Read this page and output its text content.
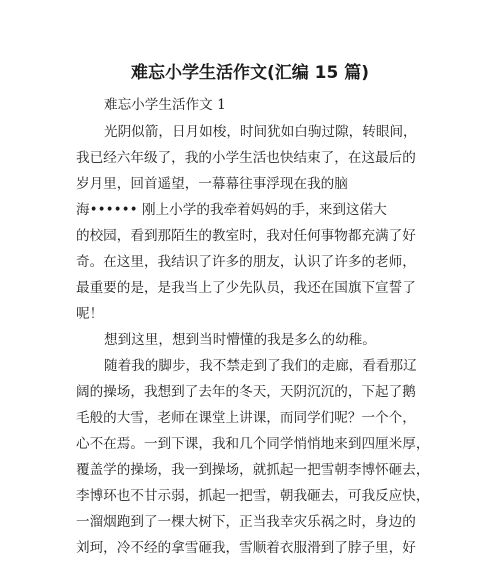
难忘小学生活作文(汇编 15 篇)
难忘小学生活作文 1
光阴似箭，日月如梭，时间犹如白驹过隙，转眼间，
我已经六年级了，我的小学生活也快结束了，在这最后的
岁月里，回首遥望，一幕幕往事浮现在我的脑
海•••••• 刚上小学的我牵着妈妈的手，来到这偌大
的校园，看到那陌生的教室时，我对任何事物都充满了好
奇。在这里，我结识了许多的朋友，认识了许多的老师，
最重要的是，是我当上了少先队员，我还在国旗下宣誓了
呢！
想到这里，想到当时懵懂的我是多么的幼稚。
随着我的脚步，我不禁走到了我们的走廊，看看那辽
阔的操场，我想到了去年的冬天，天阴沉沉的，下起了鹅
毛般的大雪，老师在课堂上讲课，而同学们呢？一个个，
心不在焉。一到下课，我和几个同学悄悄地来到四厘米厚，
覆盖学的操场，我一到操场，就抓起一把雪朝李博怀砸去，
李博环也不甘示弱，抓起一把雪，朝我砸去，可我反应快，
一溜烟跑到了一棵大树下，正当我幸灾乐祸之时，身边的
刘珂，冷不经的拿雪砸我，雪顺着衣服滑到了脖子里，好
